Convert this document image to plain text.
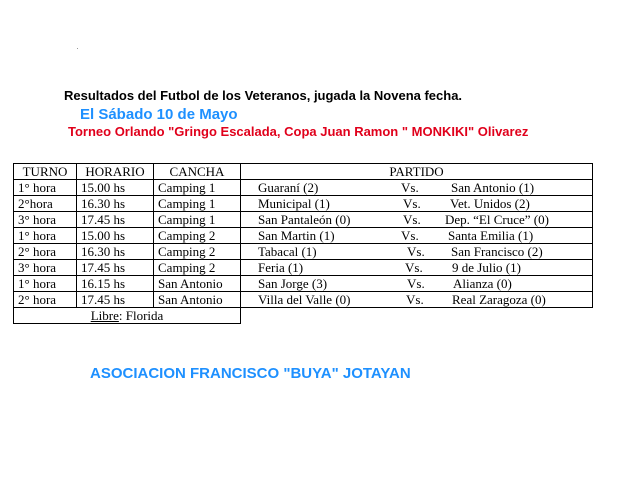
Resultados del Futbol de los Veteranos, jugada la Novena fecha.
El Sábado 10 de Mayo
Torneo Orlando "Gringo Escalada, Copa Juan Ramon " MONKIKI" Olivarez
TURNO	HORARIO	CANCHA	PARTIDO
1° hora	15.00 hs	Camping 1	Guaraní (2) Vs. San Antonio (1)

2°hora	16.30 hs	Camping 1	Municipal (1) Vs. Vet. Unidos (2)

3° hora	17.45 hs	Camping 1	San Pantaleón (0) Vs. Dep. “El Cruce” (0)

1° hora	15.00 hs	Camping 2	San Martin (1) Vs. Santa Emilia (1)

2° hora	16.30 hs	Camping 2	Tabacal (1) Vs. San Francisco (2)

3° hora	17.45 hs	Camping 2	Feria (1) Vs. 9 de Julio (1)

1° hora	16.15 hs	San Antonio	San Jorge (3) Vs. Alianza (0)

2° hora	17.45 hs	San Antonio	Villa del Valle (0) Vs. Real Zaragoza (0)

Libre: Florida			
ASOCIACION FRANCISCO "BUYA" JOTAYAN
